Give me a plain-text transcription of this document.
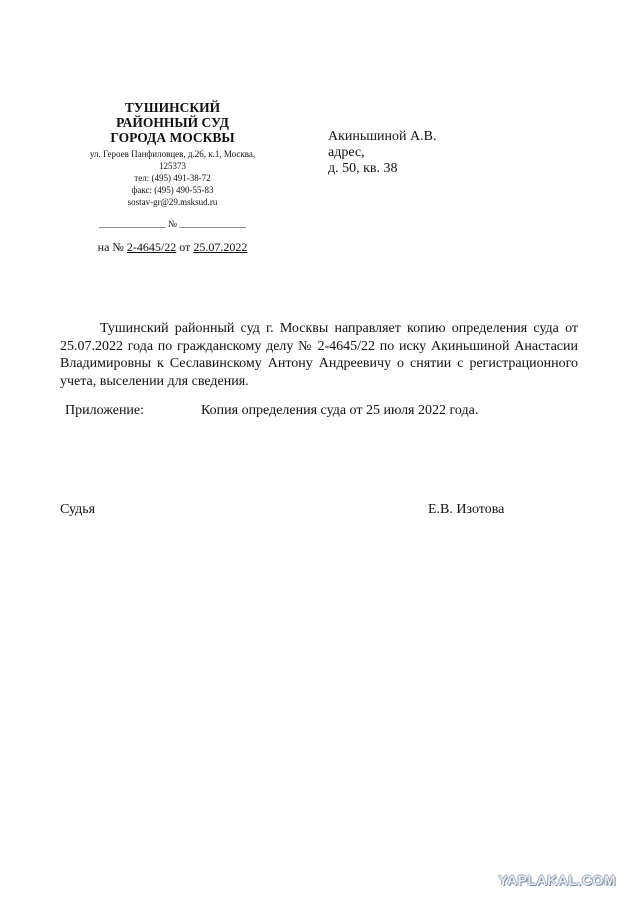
ТУШИНСКИЙ
РАЙОННЫЙ СУД
ГОРОДА МОСКВЫ
ул. Героев Панфиловцев, д.26, к.1, Москва,
125373
тел: (495) 491-38-72
факс: (495) 490-55-83
sostav-gr@29.msksud.ru
______________ № ______________
на № 2-4645/22 от 25.07.2022
Акиньшиной А.В.
адрес,
д. 50, кв. 38
Тушинский районный суд г. Москвы направляет копию определения суда от 25.07.2022 года по гражданскому делу № 2-4645/22 по иску Акиньшиной Анастасии Владимировны к Сеславинскому Антону Андреевичу о снятии с регистрационного учета, выселении для сведения.
Приложение:	Копия определения суда от 25 июля 2022 года.
Судья	Е.В. Изотова
YAPLAKAL.COM
